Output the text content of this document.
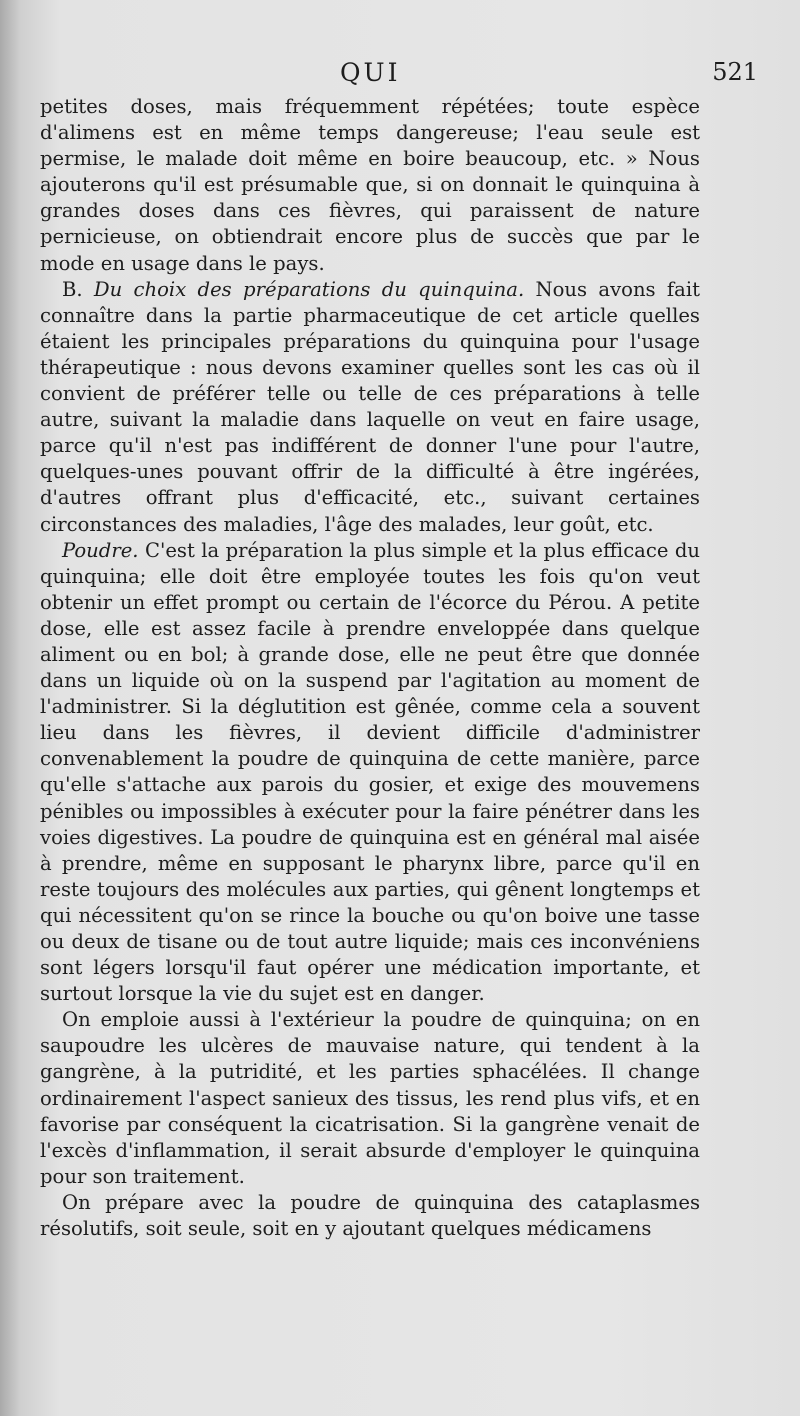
QUI	521

petites doses, mais fréquemment répétées; toute espèce d'alimens est en même temps dangereuse; l'eau seule est permise, le malade doit même en boire beaucoup, etc. » Nous ajouterons qu'il est présumable que, si on donnait le quinquina à grandes doses dans ces fièvres, qui paraissent de nature pernicieuse, on obtiendrait encore plus de succès que par le mode en usage dans le pays.

B. Du choix des préparations du quinquina. Nous avons fait connaître dans la partie pharmaceutique de cet article quelles étaient les principales préparations du quinquina pour l'usage thérapeutique : nous devons examiner quelles sont les cas où il convient de préférer telle ou telle de ces préparations à telle autre, suivant la maladie dans laquelle on veut en faire usage, parce qu'il n'est pas indifférent de donner l'une pour l'autre, quelques-unes pouvant offrir de la difficulté à être ingérées, d'autres offrant plus d'efficacité, etc., suivant certaines circonstances des maladies, l'âge des malades, leur goût, etc.

Poudre. C'est la préparation la plus simple et la plus efficace du quinquina; elle doit être employée toutes les fois qu'on veut obtenir un effet prompt ou certain de l'écorce du Pérou. A petite dose, elle est assez facile à prendre enveloppée dans quelque aliment ou en bol; à grande dose, elle ne peut être que donnée dans un liquide où on la suspend par l'agitation au moment de l'administrer. Si la déglutition est gênée, comme cela a souvent lieu dans les fièvres, il devient difficile d'administrer convenablement la poudre de quinquina de cette manière, parce qu'elle s'attache aux parois du gosier, et exige des mouvemens pénibles ou impossibles à exécuter pour la faire pénétrer dans les voies digestives. La poudre de quinquina est en général mal aisée à prendre, même en supposant le pharynx libre, parce qu'il en reste toujours des molécules aux parties, qui gênent longtemps et qui nécessitent qu'on se rince la bouche ou qu'on boive une tasse ou deux de tisane ou de tout autre liquide; mais ces inconvéniens sont légers lorsqu'il faut opérer une médication importante, et surtout lorsque la vie du sujet est en danger.

On emploie aussi à l'extérieur la poudre de quinquina; on en saupoudre les ulcères de mauvaise nature, qui tendent à la gangrène, à la putridité, et les parties sphacélées. Il change ordinairement l'aspect sanieux des tissus, les rend plus vifs, et en favorise par conséquent la cicatrisation. Si la gangrène venait de l'excès d'inflammation, il serait absurde d'employer le quinquina pour son traitement.

On prépare avec la poudre de quinquina des cataplasmes résolutifs, soit seule, soit en y ajoutant quelques médicamens
